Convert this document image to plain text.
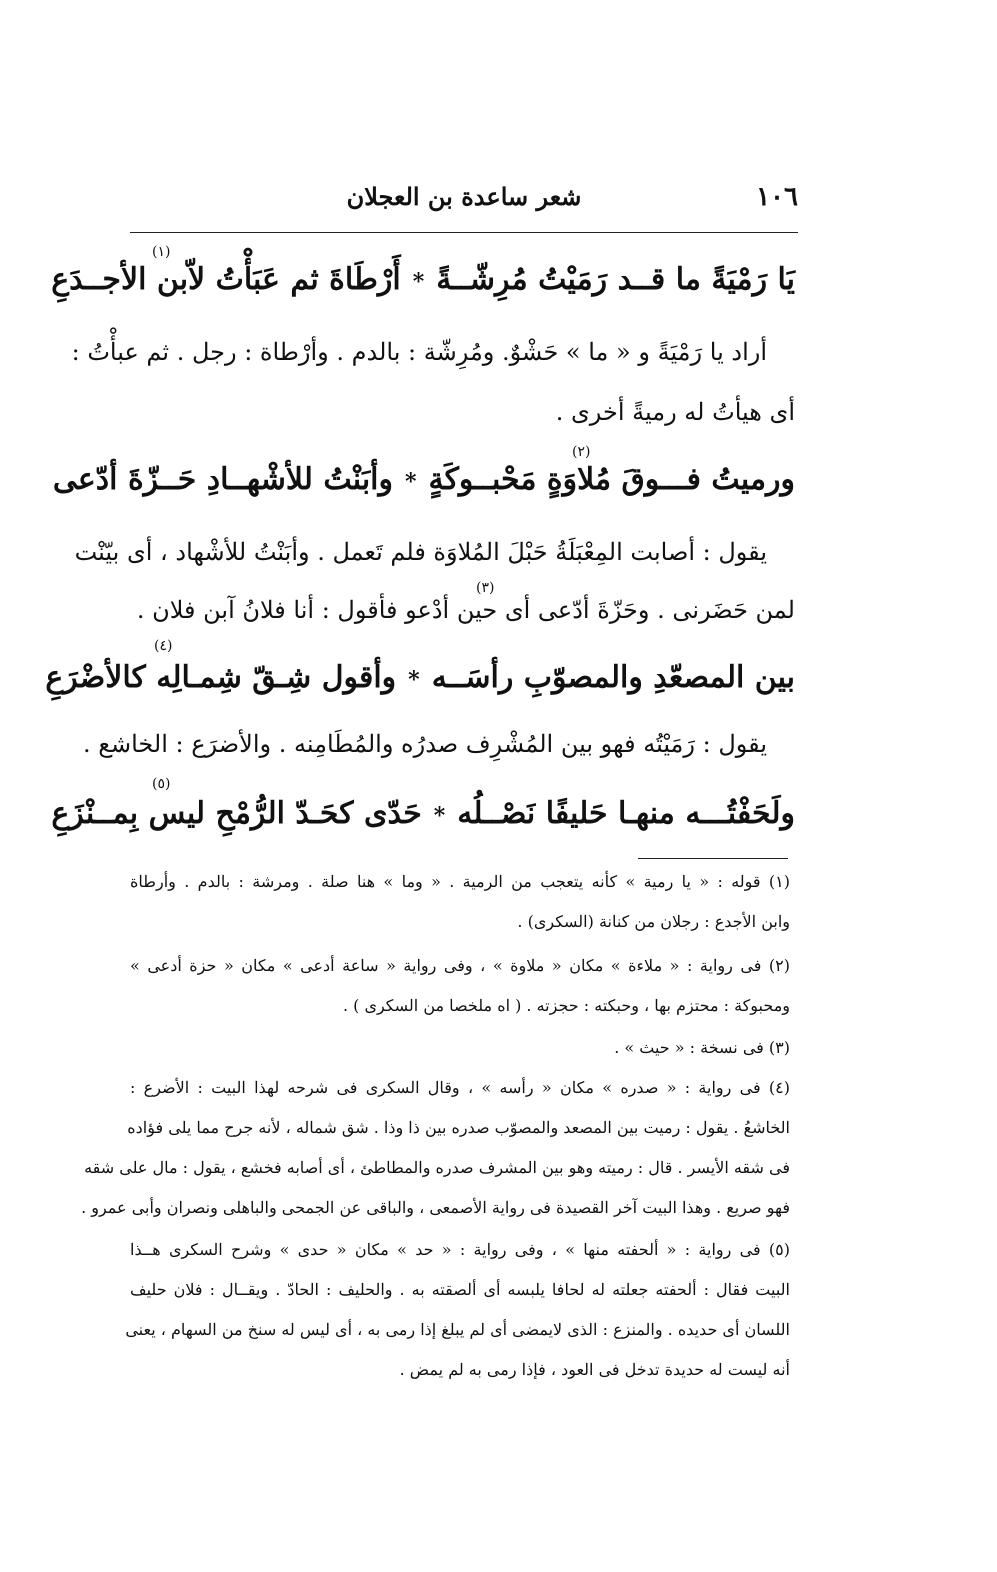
١٠٦
شعر ساعدة بن العجلان
(١)
يَا رَمْيَةً ما قــد رَمَيْتُ مُرِشّــةً
*
أَرْطَاةَ ثم عَبَأْتُ لاّبن الأجــدَعِ
أراد يا رَمْيَةً و « ما » حَشْوٌ. ومُرِشّة : بالدم . وأرْطاة : رجل . ثم عبأْتُ :
أى هيأتُ له رميةً أخرى .
(٢)
ورميتُ فـــوقَ مُلاوَةٍ مَحْبــوكَةٍ
*
وأبَنْتُ للأشْهــادِ حَــزّةَ أدّعى
يقول : أصابت المِعْبَلَةُ حَبْلَ المُلاوَة فلم تَعمل . وأبَنْتُ للأشْهاد ، أى بيّنْت
(٣)
لمن حَضَرنى . وحَزّةَ أدّعى أى حين أدْعو فأقول : أنا فلانُ آبن فلان .
(٤)
بين المصعّدِ والمصوّبِ رأسَــه
*
وأقول شِـقّ شِمـالِه كالأضْرَعِ
يقول : رَمَيْتُه فهو بين المُشْرِف صدرُه والمُطَامِنه . والأضرَع : الخاشع .
(٥)
ولَحَفْتُـــه منهـا حَليفًا نَصْــلُه
*
حَدّى كحَـدّ الرُّمْحِ ليس بِمــنْزَعِ
(١) قوله : « يا رمية » كأنه يتعجب من الرمية . « وما » هنا صلة . ومرشة : بالدم . وأرطاة
وابن الأجدع : رجلان من كنانة (السكرى) .
(٢) فى رواية : « ملاءة » مكان « ملاوة » ، وفى رواية « ساعة أدعى » مكان « حزة أدعى »
ومحبوكة : محتزم بها ، وحبكته : حجزته . ( اه ملخصا من السكرى ) .
(٣) فى نسخة : « حيث » .
(٤) فى رواية : « صدره » مكان « رأسه » ، وقال السكرى فى شرحه لهذا البيت : الأضرع :
الخاشعُ . يقول : رميت بين المصعد والمصوّب صدره بين ذا وذا . شق شماله ، لأنه جرح مما يلى فؤاده
فى شقه الأيسر . قال : رميته وهو بين المشرف صدره والمطاطئ ، أى أصابه فخشع ، يقول : مال على شقه
فهو صريع . وهذا البيت آخر القصيدة فى رواية الأصمعى ، والباقى عن الجمحى والباهلى ونصران وأبى عمرو .
(٥) فى رواية : « ألحفته منها » ، وفى رواية : « حد » مكان « حدى » وشرح السكرى هــذا
البيت فقال : ألحفته جعلته له لحافا يلبسه أى ألصقته به . والحليف : الحادّ . ويقــال : فلان حليف
اللسان أى حديده . والمنزع : الذى لايمضى أى لم يبلغ إذا رمى به ، أى ليس له سنخ من السهام ، يعنى
أنه ليست له حديدة تدخل فى العود ، فإذا رمى به لم يمض .
